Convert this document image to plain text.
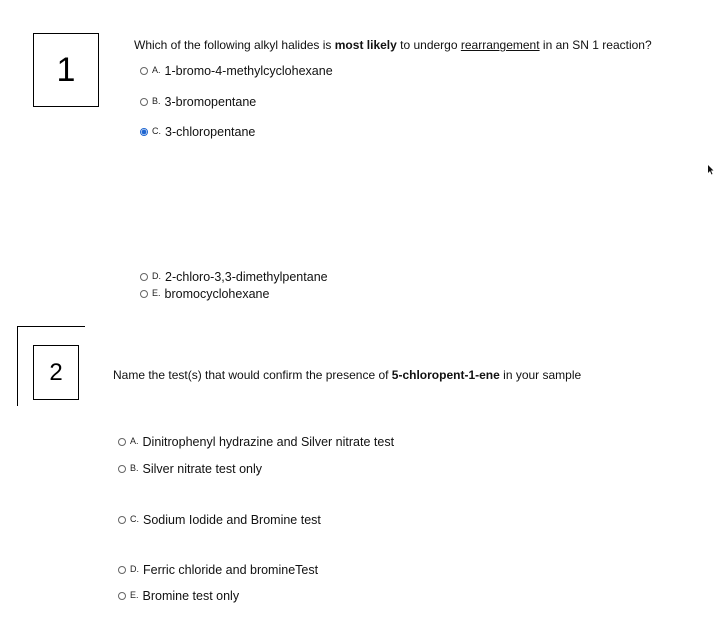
1
Which of the following alkyl halides is most likely to undergo rearrangement in an SN 1 reaction?
A. 1-bromo-4-methylcyclohexane
B. 3-bromopentane
C. 3-chloropentane
D. 2-chloro-3,3-dimethylpentane
E. bromocyclohexane
2	Name the test(s) that would confirm the presence of 5-chloropent-1-ene in your sample
A. Dinitrophenyl hydrazine and Silver nitrate test
B. Silver nitrate test only
C. Sodium Iodide and Bromine test
D. Ferric chloride and bromineTest
E. Bromine test only
